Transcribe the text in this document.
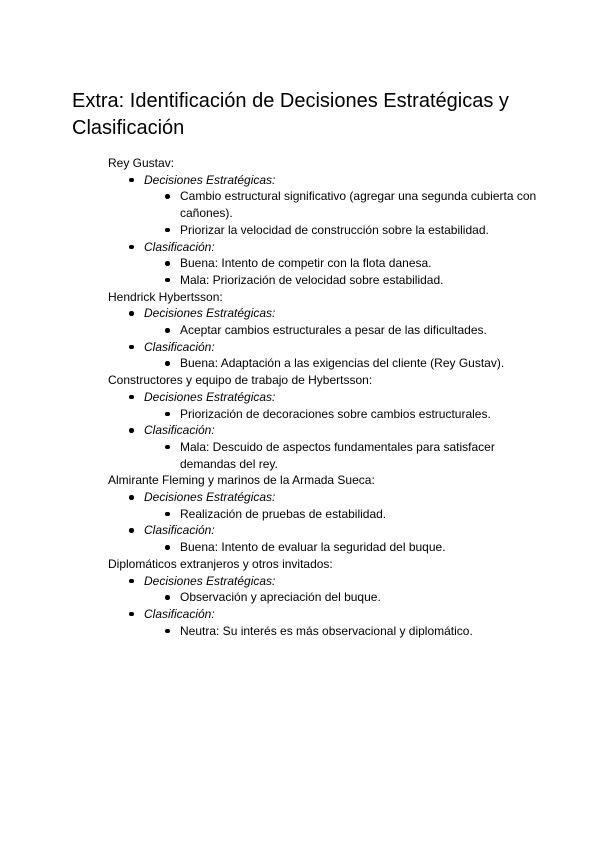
Extra: Identificación de Decisiones Estratégicas y Clasificación

Rey Gustav:

Decisiones Estratégicas:
Cambio estructural significativo (agregar una segunda cubierta con cañones).
Priorizar la velocidad de construcción sobre la estabilidad.
Clasificación:
Buena: Intento de competir con la flota danesa.
Mala: Priorización de velocidad sobre estabilidad.

Hendrick Hybertsson:

Decisiones Estratégicas:
Aceptar cambios estructurales a pesar de las dificultades.
Clasificación:
Buena: Adaptación a las exigencias del cliente (Rey Gustav).

Constructores y equipo de trabajo de Hybertsson:

Decisiones Estratégicas:
Priorización de decoraciones sobre cambios estructurales.
Clasificación:
Mala: Descuido de aspectos fundamentales para satisfacer demandas del rey.

Almirante Fleming y marinos de la Armada Sueca:

Decisiones Estratégicas:
Realización de pruebas de estabilidad.
Clasificación:
Buena: Intento de evaluar la seguridad del buque.

Diplomáticos extranjeros y otros invitados:

Decisiones Estratégicas:
Observación y apreciación del buque.
Clasificación:
Neutra: Su interés es más observacional y diplomático.
